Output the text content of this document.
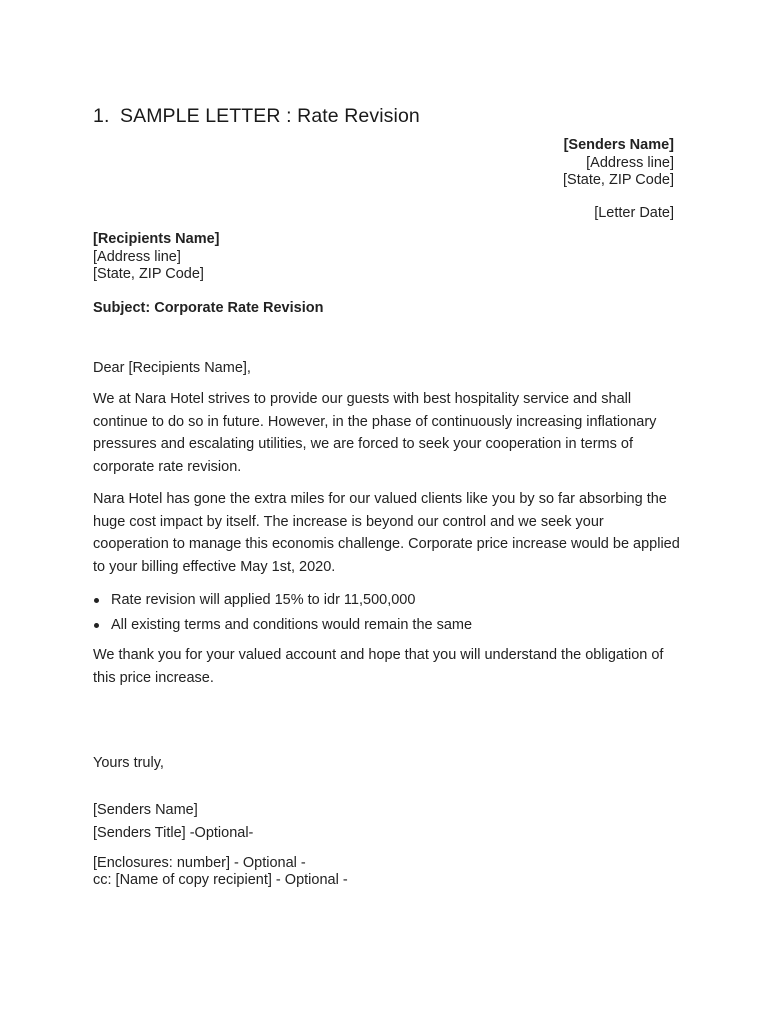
1. SAMPLE LETTER : Rate Revision
[Senders Name]
[Address line]
[State, ZIP Code]
[Letter Date]
[Recipients Name]
[Address line]
[State, ZIP Code]
Subject: Corporate Rate Revision
Dear [Recipients Name],
We at Nara Hotel strives to provide our guests with best hospitality service and shall continue to do so in future. However, in the phase of continuously increasing inflationary pressures and escalating utilities, we are forced to seek your cooperation in terms of corporate rate revision.
Nara Hotel has gone the extra miles for our valued clients like you by so far absorbing the huge cost impact by itself. The increase is beyond our control and we seek your cooperation to manage this economis challenge. Corporate price increase would be applied to your billing effective May 1st, 2020.
Rate revision will applied 15% to idr 11,500,000
All existing terms and conditions would remain the same
We thank you for your valued account and hope that you will understand the obligation of this price increase.
Yours truly,
[Senders Name]
[Senders Title] -Optional-
[Enclosures: number] - Optional -
cc: [Name of copy recipient] - Optional -
